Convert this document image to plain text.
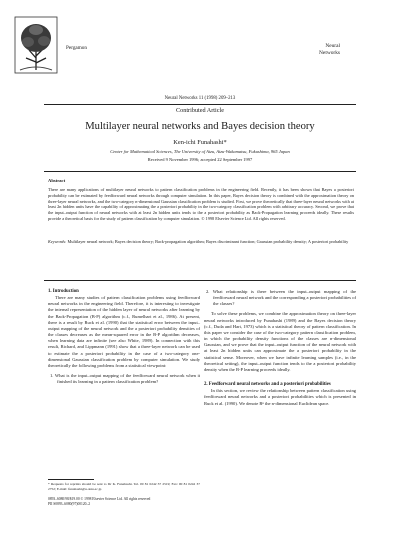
Pergamon	Neural
Networks
Neural Networks 11 (1998) 209–213
Contributed Article
Multilayer neural networks and Bayes decision theory
Ken-ichi Funahashi*
Center for Mathematical Sciences, The University of Aizu, Aizu-Wakamatsu, Fukushima, 965 Japan
Received 9 November 1996; accepted 22 September 1997
Abstract

There are many applications of multilayer neural networks to pattern classification problems in the engineering field. Recently, it has been shown that Bayes a posteriori probability can be estimated by feedforward neural networks through computer simulation. In this paper, Bayes decision theory is combined with the approximation theory on three-layer neural networks, and the two-category n-dimensional Gaussian classification problem is studied. First, we prove theoretically that three-layer neural networks with at least 2n hidden units have the capability of approximating the a posteriori probability in the two-category classification problem with arbitrary accuracy. Second, we prove that the input–output function of neural networks with at least 2n hidden units tends to the a posteriori probability as Back-Propagation learning proceeds ideally. These results provide a theoretical basis for the study of pattern classification by computer simulation. © 1998 Elsevier Science Ltd. All rights reserved.

Keywords: Multilayer neural network; Bayes decision theory; Back-propagation algorithm; Bayes discriminant function; Gaussian probability density; A posteriori probability

1. Introduction

There are many studies of pattern classification problems using feedforward neural networks in the engineering field. Therefore, it is interesting to investigate the internal representation of the hidden layer of neural networks after learning by the Back-Propagation (B-P) algorithm (c.f., Rumelhart et al., 1986). At present, there is a result by Ruck et al. (1990) that the statistical error between the input–output mapping of the neural network and the a posteriori probability densities of the classes decreases as the mean-squared error in the B-P algorithm decreases, when learning data are infinite (see also White, 1989). In connection with this result, Richard, and Lippmann (1991) show that a three-layer network can be used to estimate the a posteriori probability in the case of a two-category one-dimensional Gaussian classification problem by computer simulation. We study theoretically the following problems from a statistical viewpoint:

1. What is the input–output mapping of the feedforward neural network when it finished its learning in a pattern classification problem?

2. What relationship is there between the input–output mapping of the feedforward neural network and the corresponding a posteriori probabilities of the classes?

To solve these problems, we combine the approximation theory on three-layer neural networks introduced by Funahashi (1989) and the Bayes decision theory (c.f., Duda and Hart, 1973) which is a statistical theory of pattern classification. In this paper we consider the case of the two-category pattern classification problem, in which the probability density functions of the classes are n-dimensional Gaussian, and we prove that the input–output function of the neural network with at least 2n hidden units can approximate the a posteriori probability in the statistical sense. Moreover, when we have infinite learning samples (i.e., in the theoretical setting), the input–output function tends to the a posteriori probability density when the B-P learning proceeds ideally.

2. Feedforward neural networks and a posteriori probabilities

In this section, we review the relationship between pattern classification using feedforward neural networks and a posteriori probabilities which is presented in Ruck et al. (1990). We denote Rⁿ the n-dimensional Euclidean space.

* Requests for reprints should be sent to Dr K. Funahashi. Tel. 00 81 0242 37 2519; Fax: 00 81 0242 37 2752; E-mail: funahashi@u-aizu.ac.jp
0893–6080/98/$19.00 © 1998 Elsevier Science Ltd. All rights reserved
PII S0893–6080(97)00120–2
